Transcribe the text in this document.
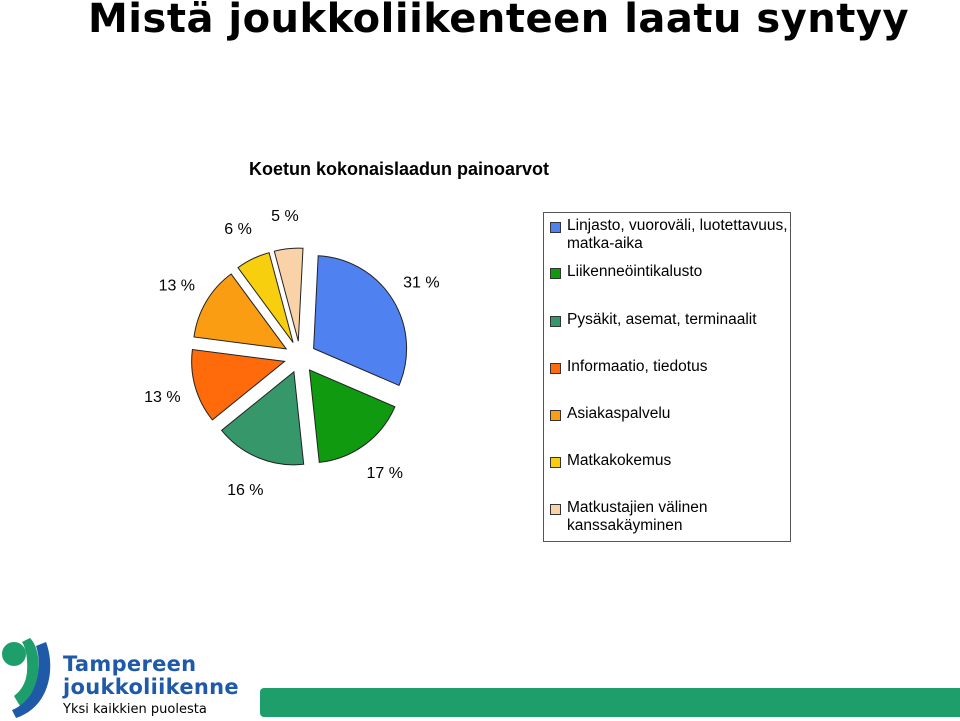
Mistä joukkoliikenteen laatu syntyy
Koetun kokonaislaadun painoarvot
31 %
17 %
16 %
13 %
13 %
6 %
5 %
Linjasto, vuoroväli, luotettavuus, matka-aika
Liikenneöintikalusto
Pysäkit, asemat, terminaalit
Informaatio, tiedotus
Asiakaspalvelu
Matkakokemus
Matkustajien välinen kanssakäyminen
Tampereen
joukkoliikenne
Yksi kaikkien puolesta
